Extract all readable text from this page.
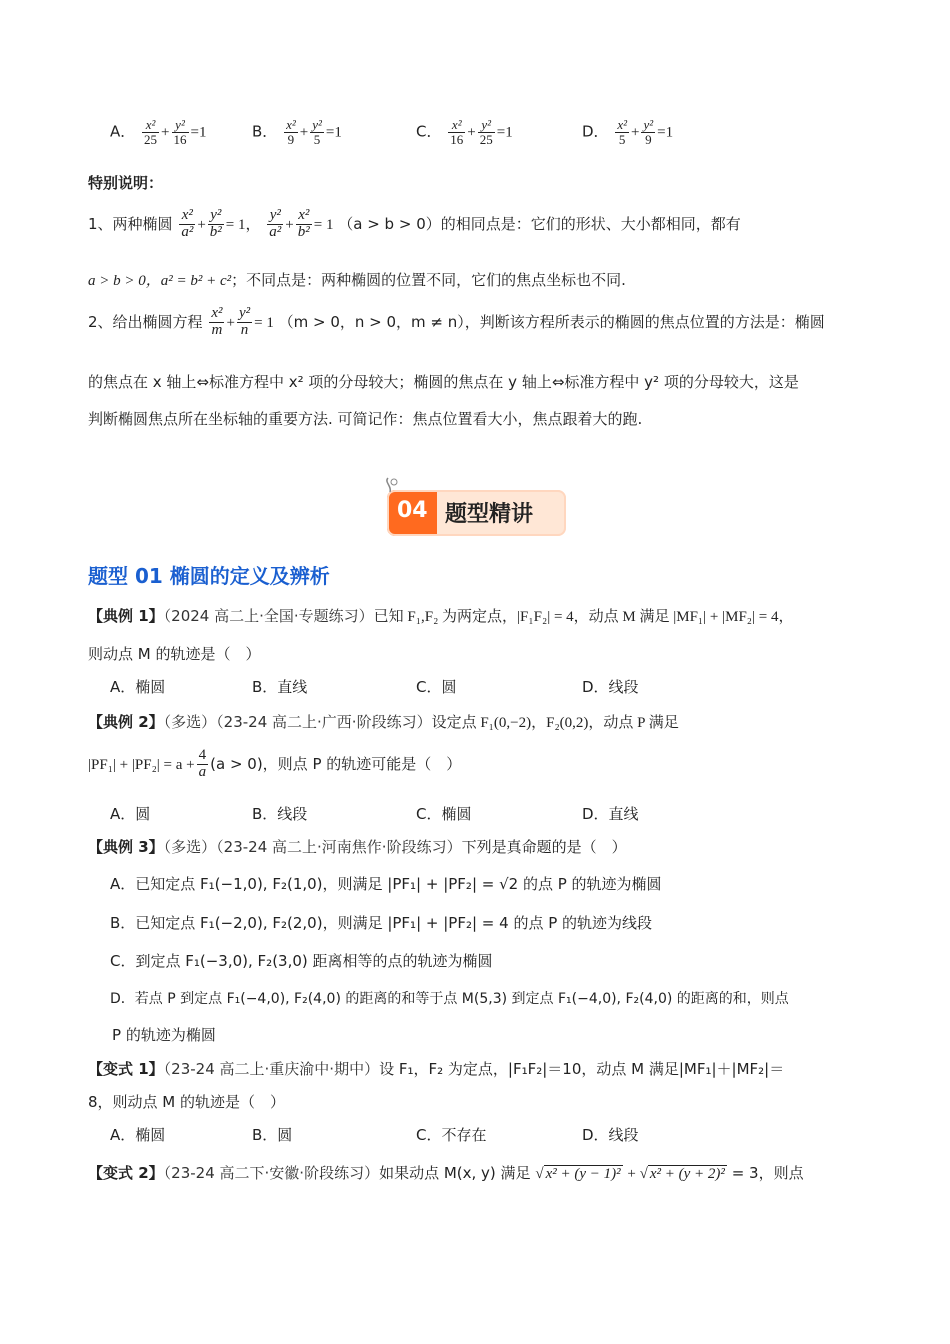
A． $\frac{\text{x²}}{25} + \frac{\text{y²}}{16} =1$	B． $\frac{\text{x²}}{9} + \frac{\text{y²}}{5} =1$	C． $\frac{\text{x²}}{16} + \frac{\text{y²}}{25} =1$	D． $\frac{\text{x²}}{5} + \frac{\text{y²}}{9} =1$
特别说明：
1、两种椭圆 $\frac{\text{x²}}{\text{a²}} + \frac{\text{y²}}{\text{b²}} = 1$， $\frac{\text{y²}}{\text{a²}} + \frac{\text{x²}}{\text{b²}} = 1$ （a > b > 0）的相同点是：它们的形状、大小都相同，都有
a > b > 0，a² = b² + c²；不同点是：两种椭圆的位置不同，它们的焦点坐标也不同.
2、给出椭圆方程 $\frac{\text{x²}}{m} + \frac{\text{y²}}{n} = 1$ （m > 0，n > 0，m ≠ n），判断该方程所表示的椭圆的焦点位置的方法是：椭圆
的焦点在 x 轴上⇔标准方程中 x² 项的分母较大；椭圆的焦点在 y 轴上⇔标准方程中 y² 项的分母较大，这是
判断椭圆焦点所在坐标轴的重要方法. 可简记作：焦点位置看大小，焦点跟着大的跑.
04 题型精讲
题型 01 椭圆的定义及辨析
【典例 1】（2024 高二上·全国·专题练习）已知 F₁,F₂ 为两定点，|F₁F₂| = 4，动点 M 满足 |MF₁| + |MF₂| = 4，
则动点 M 的轨迹是（　）
A．椭圆	B．直线	C．圆	D．线段
【典例 2】（多选）（23-24 高二上·广西·阶段练习）设定点 F₁(0,−2)，F₂(0,2)，动点 P 满足
$|PF_1| + |PF_2| = a + \frac{4}{a} (a > 0)$，则点 P 的轨迹可能是（　）
A．圆	B．线段	C．椭圆	D．直线
【典例 3】（多选）（23-24 高二上·河南焦作·阶段练习）下列是真命题的是（　）
A．已知定点 F₁(−1,0), F₂(1,0)，则满足 |PF₁| + |PF₂| = √2 的点 P 的轨迹为椭圆
B．已知定点 F₁(−2,0), F₂(2,0)，则满足 |PF₁| + |PF₂| = 4 的点 P 的轨迹为线段
C．到定点 F₁(−3,0), F₂(3,0) 距离相等的点的轨迹为椭圆
D．若点 P 到定点 F₁(−4,0), F₂(4,0) 的距离的和等于点 M(5,3) 到定点 F₁(−4,0), F₂(4,0) 的距离的和，则点
P 的轨迹为椭圆
【变式 1】（23-24 高二上·重庆渝中·期中）设 F₁，F₂ 为定点，|F₁F₂|＝10，动点 M 满足|MF₁|＋|MF₂|＝
8，则动点 M 的轨迹是（　）
A．椭圆	B．圆	C．不存在	D．线段
【变式 2】（23-24 高二下·安徽·阶段练习）如果动点 M(x, y) 满足 √ x² + (y − 1)² + √ x² + (y + 2)² = 3，则点
